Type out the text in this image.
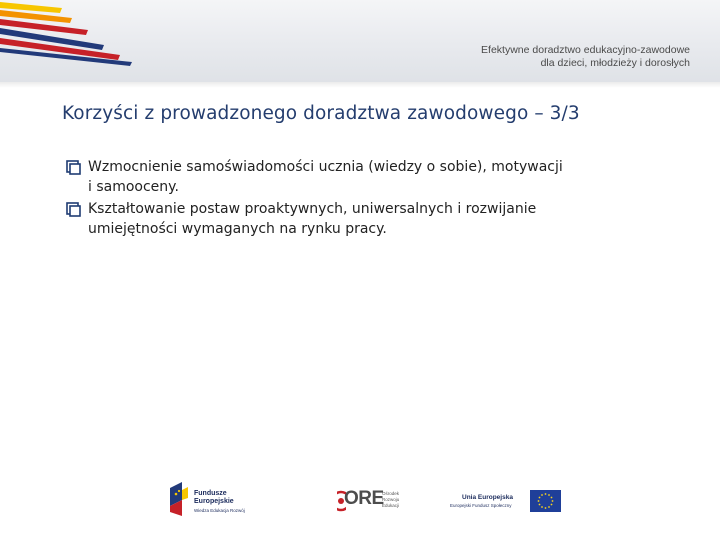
Efektywne doradztwo edukacyjno-zawodowe
dla dzieci, młodzieży i dorosłych
Korzyści z prowadzonego doradztwa zawodowego – 3/3
Wzmocnienie samoświadomości ucznia (wiedzy o sobie), motywacji
i samooceny.
Kształtowanie postaw proaktywnych, uniwersalnych i rozwijanie
umiejętności wymaganych na rynku pracy.
Fundusze
Europejskie
Wiedza Edukacja Rozwój
ORE
Ośrodek
Rozwoju
Edukacji
Unia Europejska
Europejski Fundusz Społeczny
